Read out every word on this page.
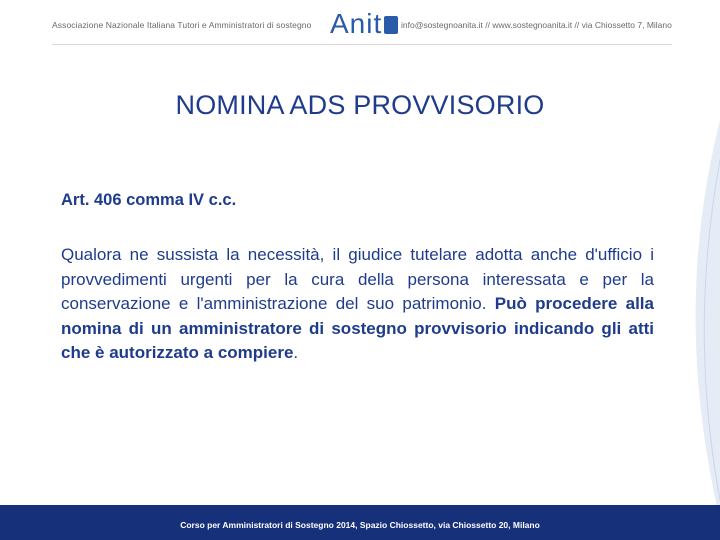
Associazione Nazionale Italiana Tutori e Amministratori di sostegno Anit	info@sostegnoanita.it // www.sostegnoanita.it // via Chiossetto 7, Milano
NOMINA ADS PROVVISORIO
Art. 406 comma IV c.c.
Qualora ne sussista la necessità, il giudice tutelare adotta anche d'ufficio i provvedimenti urgenti per la cura della persona interessata e per la conservazione e l'amministrazione del suo patrimonio. Può procedere alla nomina di un amministratore di sostegno provvisorio indicando gli atti che è autorizzato a compiere.
Corso per Amministratori di Sostegno 2014, Spazio Chiossetto, via Chiossetto 20, Milano
